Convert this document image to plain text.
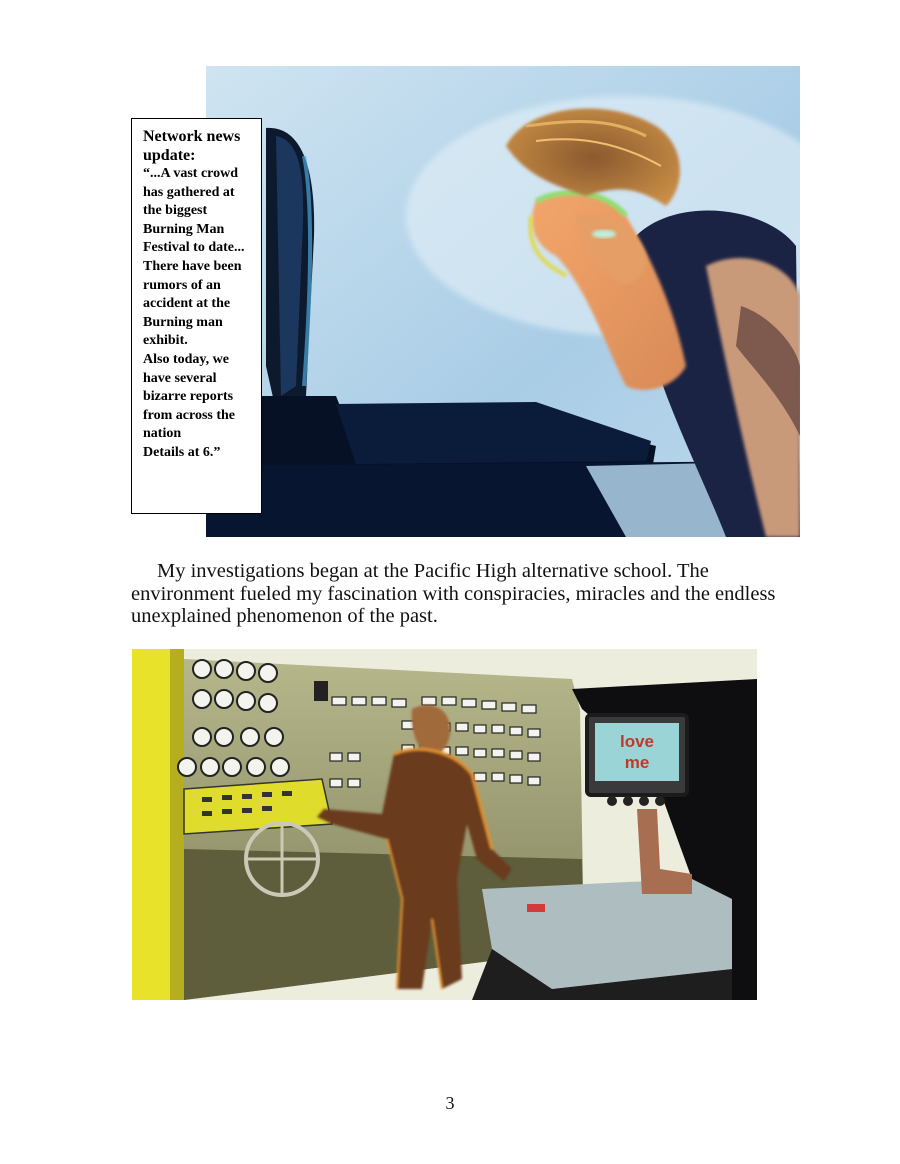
Network news update:
“...A vast crowd has gathered at the biggest Burning Man Festival to date...
There have been rumors of an accident at the Burning man exhibit.
Also today, we have several bizarre reports from across the nation
Details at 6.”

My investigations began at the Pacific High alternative school. The environment fueled my fascination with conspiracies, miracles and the endless unexplained phenomenon of the past.

love
me
3
